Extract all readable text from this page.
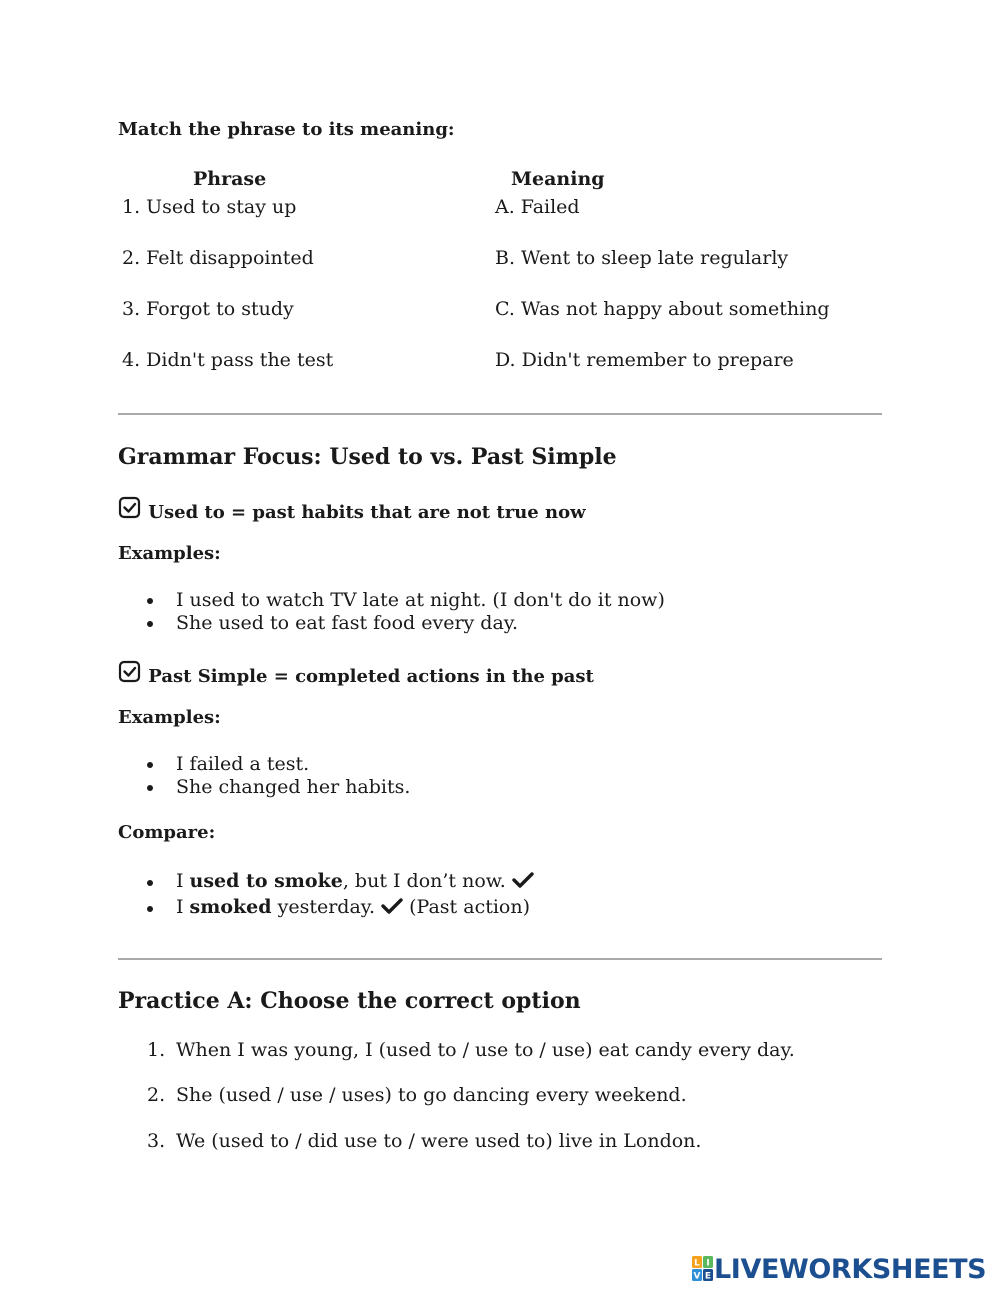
Match the phrase to its meaning:
Phrase	Meaning
1. Used to stay up
2. Felt disappointed
3. Forgot to study
4. Didn't pass the test
A. Failed
B. Went to sleep late regularly
C. Was not happy about something
D. Didn't remember to prepare
Grammar Focus: Used to vs. Past Simple
Used to = past habits that are not true now
Examples:
I used to watch TV late at night. (I don't do it now)
She used to eat fast food every day.
Past Simple = completed actions in the past
Examples:
I failed a test.
She changed her habits.
Compare:
I used to smoke, but I don’t now.
I smoked yesterday. (Past action)
Practice A: Choose the correct option
1. When I was young, I (used to / use to / use) eat candy every day.
2. She (used / use / uses) to go dancing every weekend.
3. We (used to / did use to / were used to) live in London.
L I
V E LIVEWORKSHEETS
